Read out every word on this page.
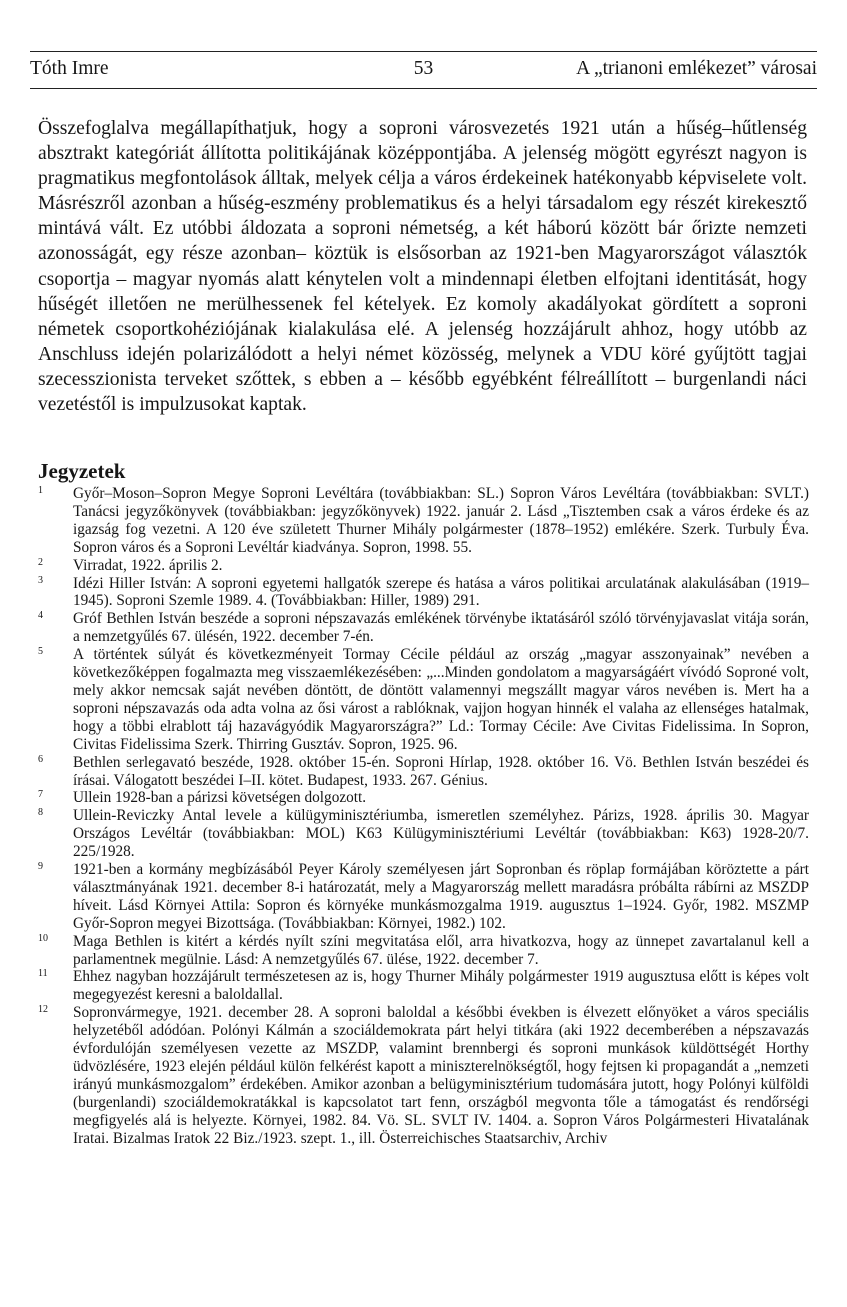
Tóth Imre	53	A „trianoni emlékezet” városai

Összefoglalva megállapíthatjuk, hogy a soproni városvezetés 1921 után a hűség–hűtlenség absztrakt kategóriát állította politikájának középpontjába. A jelenség mögött egyrészt nagyon is pragmatikus megfontolások álltak, melyek célja a város érdekeinek hatékonyabb képviselete volt. Másrészről azonban a hűség-eszmény problematikus és a helyi társadalom egy részét kirekesztő mintává vált. Ez utóbbi áldozata a soproni németség, a két háború között bár őrizte nemzeti azonosságát, egy része azonban– köztük is elsősorban az 1921-ben Magyarországot választók csoportja – magyar nyomás alatt kénytelen volt a mindennapi életben elfojtani identitását, hogy hűségét illetően ne merülhessenek fel kételyek. Ez komoly akadályokat gördített a soproni németek csoportkohéziójának kialakulása elé. A jelenség hozzájárult ahhoz, hogy utóbb az Anschluss idején polarizálódott a helyi német közösség, melynek a VDU köré gyűjtött tagjai szecesszionista terveket szőttek, s ebben a – később egyébként félreállított – burgenlandi náci vezetéstől is impulzusokat kaptak.

Jegyzetek
1	Győr–Moson–Sopron Megye Soproni Levéltára (továbbiakban: SL.) Sopron Város Levéltára (továbbiakban: SVLT.) Tanácsi jegyzőkönyvek (továbbiakban: jegyzőkönyvek) 1922. január 2. Lásd „Tisztemben csak a város érdeke és az igazság fog vezetni. A 120 éve született Thurner Mihály polgármester (1878–1952) emlékére. Szerk. Turbuly Éva. Sopron város és a Soproni Levéltár kiadványa. Sopron, 1998. 55.
2	Virradat, 1922. április 2.
3	Idézi Hiller István: A soproni egyetemi hallgatók szerepe és hatása a város politikai arculatának alakulásában (1919–1945). Soproni Szemle 1989. 4. (Továbbiakban: Hiller, 1989) 291.
4	Gróf Bethlen István beszéde a soproni népszavazás emlékének törvénybe iktatásáról szóló törvényjavaslat vitája során, a nemzetgyűlés 67. ülésén, 1922. december 7-én.
5	A történtek súlyát és következményeit Tormay Cécile például az ország „magyar asszonyainak” nevében a következőképpen fogalmazta meg visszaemlékezésében: „...Minden gondolatom a magyarságáért vívódó Soproné volt, mely akkor nemcsak saját nevében döntött, de döntött valamennyi megszállt magyar város nevében is. Mert ha a soproni népszavazás oda adta volna az ősi várost a rablóknak, vajjon hogyan hinnék el valaha az ellenséges hatalmak, hogy a többi elrablott táj hazavágyódik Magyarországra?” Ld.: Tormay Cécile: Ave Civitas Fidelissima. In Sopron, Civitas Fidelissima Szerk. Thirring Gusztáv. Sopron, 1925. 96.
6	Bethlen serlegavató beszéde, 1928. október 15-én. Soproni Hírlap, 1928. október 16. Vö. Bethlen István beszédei és írásai. Válogatott beszédei I–II. kötet. Budapest, 1933. 267. Génius.
7	Ullein 1928-ban a párizsi követségen dolgozott.
8	Ullein-Reviczky Antal levele a külügyminisztériumba, ismeretlen személyhez. Párizs, 1928. április 30. Magyar Országos Levéltár (továbbiakban: MOL) K63 Külügyminisztériumi Levéltár (továbbiakban: K63) 1928-20/7. 225/1928.
9	1921-ben a kormány megbízásából Peyer Károly személyesen járt Sopronban és röplap formájában köröztette a párt választmányának 1921. december 8-i határozatát, mely a Magyarország mellett maradásra próbálta rábírni az MSZDP híveit. Lásd Környei Attila: Sopron és környéke munkásmozgalma 1919. augusztus 1–1924. Győr, 1982. MSZMP Győr-Sopron megyei Bizottsága. (Továbbiakban: Környei, 1982.) 102.
10 Maga Bethlen is kitért a kérdés nyílt színi megvitatása elől, arra hivatkozva, hogy az ünnepet zavartalanul kell a parlamentnek megülnie. Lásd: A nemzetgyűlés 67. ülése, 1922. december 7.
11 Ehhez nagyban hozzájárult természetesen az is, hogy Thurner Mihály polgármester 1919 augusztusa előtt is képes volt megegyezést keresni a baloldallal.
12 Sopronvármegye, 1921. december 28. A soproni baloldal a későbbi években is élvezett előnyöket a város speciális helyzetéből adódóan. Polónyi Kálmán a szociáldemokrata párt helyi titkára (aki 1922 decemberében a népszavazás évfordulóján személyesen vezette az MSZDP, valamint brennbergi és soproni munkások küldöttségét Horthy üdvözlésére, 1923 elején például külön felkérést kapott a miniszterelnökségtől, hogy fejtsen ki propagandát a „nemzeti irányú munkásmozgalom” érdekében. Amikor azonban a belügyminisztérium tudomására jutott, hogy Polónyi külföldi (burgenlandi) szociáldemokratákkal is kapcsolatot tart fenn, országból megvonta tőle a támogatást és rendőrségi megfigyelés alá is helyezte. Környei, 1982. 84. Vö. SL. SVLT IV. 1404. a. Sopron Város Polgármesteri Hivatalának Iratai. Bizalmas Iratok 22 Biz./1923. szept. 1., ill. Österreichisches Staatsarchiv, Archiv
